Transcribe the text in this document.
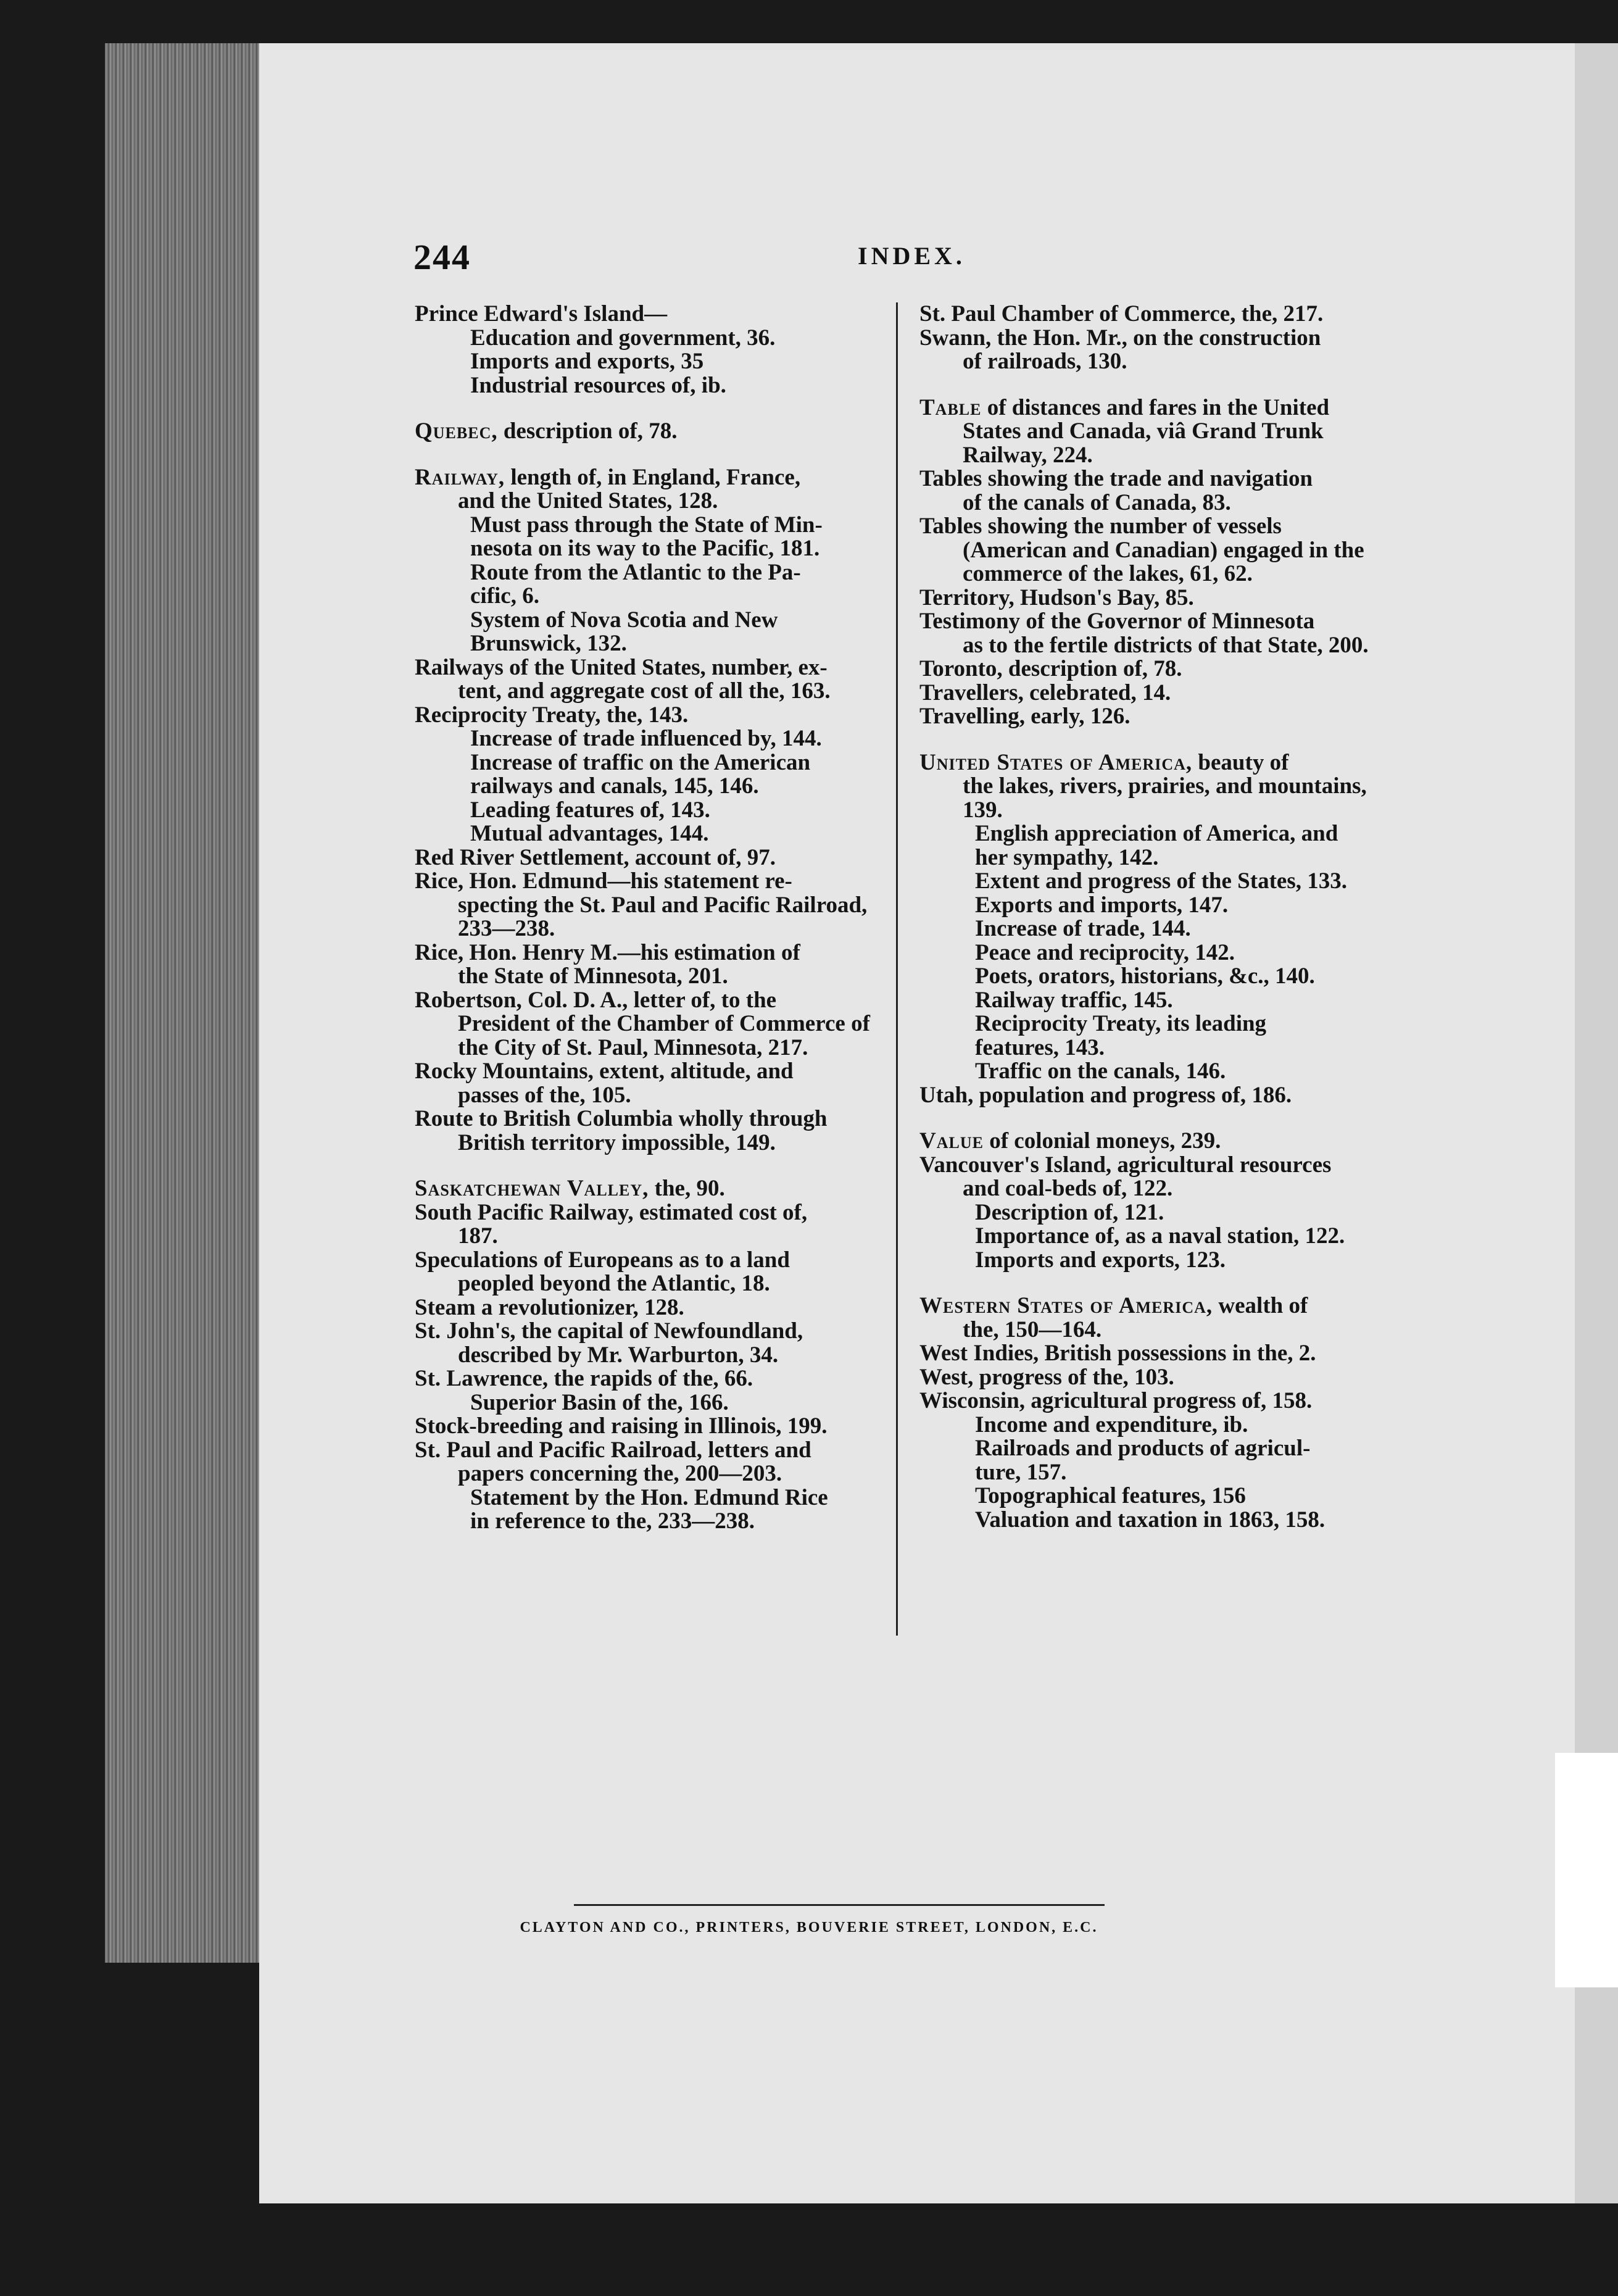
244	INDEX.
Prince Edward's Island—
Education and government, 36.
Imports and exports, 35
Industrial resources of, ib.
Quebec, description of, 78.
Railway, length of, in England, France,
and the United States, 128.
Must pass through the State of Min-
nesota on its way to the Pacific, 181.
Route from the Atlantic to the Pa-
cific, 6.
System of Nova Scotia and New
Brunswick, 132.
Railways of the United States, number, ex-
tent, and aggregate cost of all the, 163.
Reciprocity Treaty, the, 143.
Increase of trade influenced by, 144.
Increase of traffic on the American
railways and canals, 145, 146.
Leading features of, 143.
Mutual advantages, 144.
Red River Settlement, account of, 97.
Rice, Hon. Edmund—his statement re-
specting the St. Paul and Pacific Railroad, 233—238.
Rice, Hon. Henry M.—his estimation of
the State of Minnesota, 201.
Robertson, Col. D. A., letter of, to the
President of the Chamber of Commerce of the City of St. Paul, Minnesota, 217.
Rocky Mountains, extent, altitude, and
passes of the, 105.
Route to British Columbia wholly through
British territory impossible, 149.
Saskatchewan Valley, the, 90.
South Pacific Railway, estimated cost of,
187.
Speculations of Europeans as to a land
peopled beyond the Atlantic, 18.
Steam a revolutionizer, 128.
St. John's, the capital of Newfoundland,
described by Mr. Warburton, 34.
St. Lawrence, the rapids of the, 66.
Superior Basin of the, 166.
Stock-breeding and raising in Illinois, 199.
St. Paul and Pacific Railroad, letters and
papers concerning the, 200—203.
Statement by the Hon. Edmund Rice
in reference to the, 233—238.
St. Paul Chamber of Commerce, the, 217.
Swann, the Hon. Mr., on the construction
of railroads, 130.
Table of distances and fares in the United
States and Canada, viâ Grand Trunk Railway, 224.
Tables showing the trade and navigation
of the canals of Canada, 83.
Tables showing the number of vessels
(American and Canadian) engaged in the commerce of the lakes, 61, 62.
Territory, Hudson's Bay, 85.
Testimony of the Governor of Minnesota
as to the fertile districts of that State, 200.
Toronto, description of, 78.
Travellers, celebrated, 14.
Travelling, early, 126.
United States of America, beauty of
the lakes, rivers, prairies, and mountains, 139.
English appreciation of America, and
her sympathy, 142.
Extent and progress of the States, 133.
Exports and imports, 147.
Increase of trade, 144.
Peace and reciprocity, 142.
Poets, orators, historians, &c., 140.
Railway traffic, 145.
Reciprocity Treaty, its leading
features, 143.
Traffic on the canals, 146.
Utah, population and progress of, 186.
Value of colonial moneys, 239.
Vancouver's Island, agricultural resources
and coal-beds of, 122.
Description of, 121.
Importance of, as a naval station, 122.
Imports and exports, 123.
Western States of America, wealth of
the, 150—164.
West Indies, British possessions in the, 2.
West, progress of the, 103.
Wisconsin, agricultural progress of, 158.
Income and expenditure, ib.
Railroads and products of agricul-
ture, 157.
Topographical features, 156
Valuation and taxation in 1863, 158.
CLAYTON AND CO., PRINTERS, BOUVERIE STREET, LONDON, E.C.
